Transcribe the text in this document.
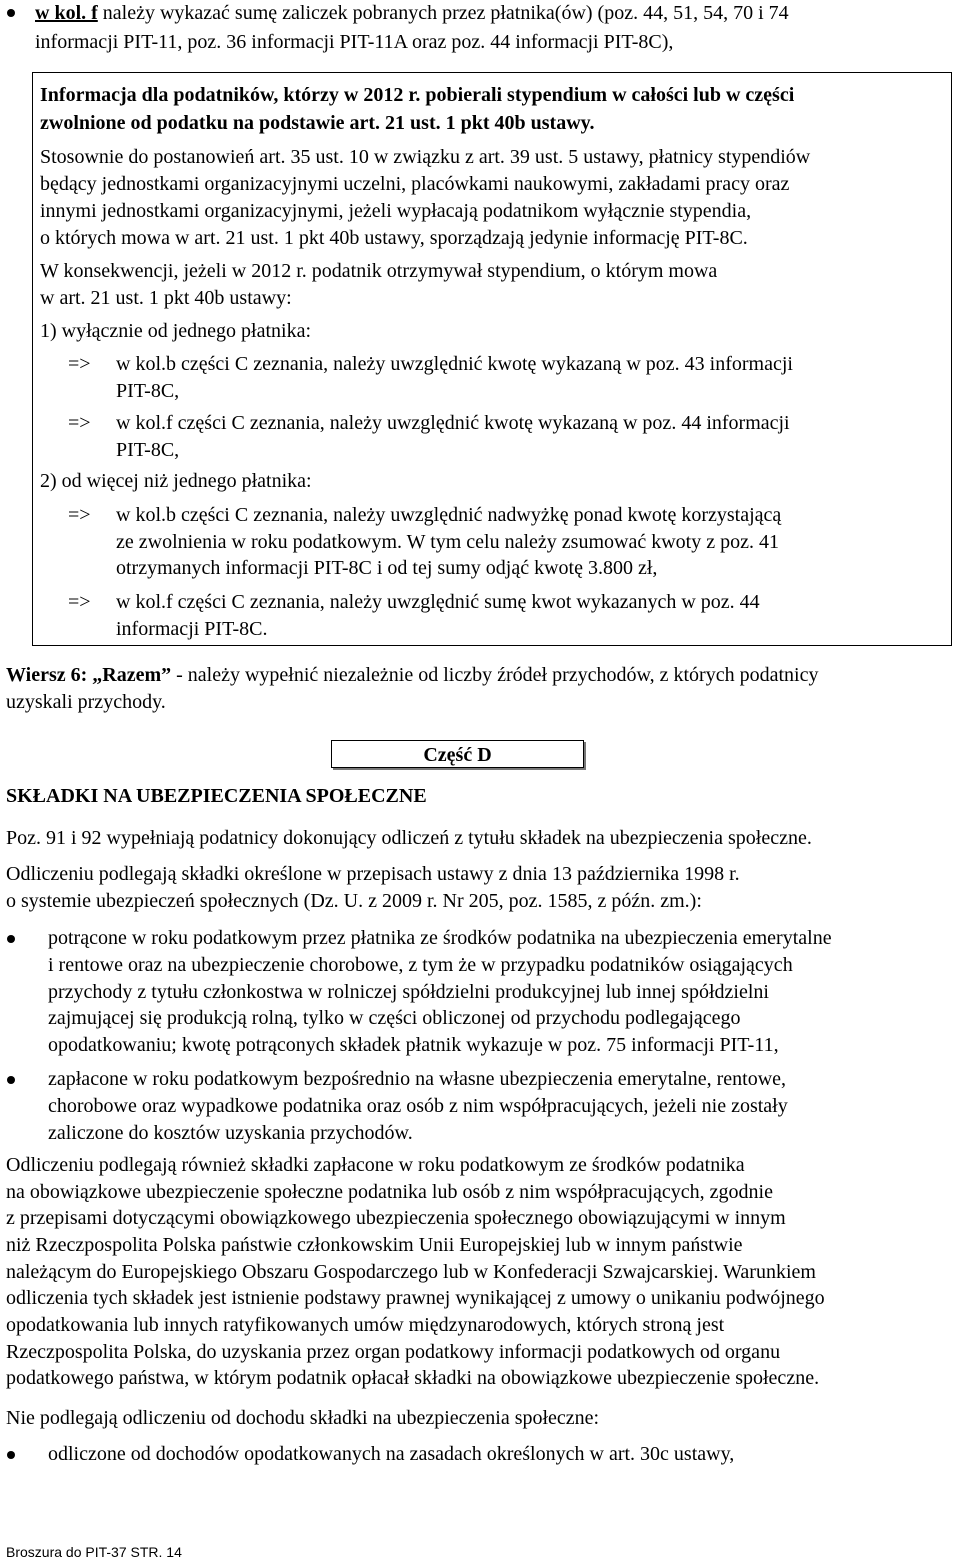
w kol. f należy wykazać sumę zaliczek pobranych przez płatnika(ów) (poz. 44, 51, 54, 70 i 74
informacji PIT-11, poz. 36 informacji PIT-11A oraz poz. 44 informacji PIT-8C),
Informacja dla podatników, którzy w 2012 r. pobierali stypendium w całości lub w części
zwolnione od podatku na podstawie art. 21 ust. 1 pkt 40b ustawy.
Stosownie do postanowień art. 35 ust. 10 w związku z art. 39 ust. 5 ustawy, płatnicy stypendiów
będący jednostkami organizacyjnymi uczelni, placówkami naukowymi, zakładami pracy oraz
innymi jednostkami organizacyjnymi, jeżeli wypłacają podatnikom wyłącznie stypendia,
o których mowa w art. 21 ust. 1 pkt 40b ustawy, sporządzają jedynie informację PIT-8C.
W konsekwencji, jeżeli w 2012 r. podatnik otrzymywał stypendium, o którym mowa
w art. 21 ust. 1 pkt 40b ustawy:
1) wyłącznie od jednego płatnika:
=> w kol.b części C zeznania, należy uwzględnić kwotę wykazaną w poz. 43 informacji
PIT-8C,
=> w kol.f części C zeznania, należy uwzględnić kwotę wykazaną w poz. 44 informacji
PIT-8C,
2) od więcej niż jednego płatnika:
=> w kol.b części C zeznania, należy uwzględnić nadwyżkę ponad kwotę korzystającą
ze zwolnienia w roku podatkowym. W tym celu należy zsumować kwoty z poz. 41
otrzymanych informacji PIT-8C i od tej sumy odjąć kwotę 3.800 zł,
=> w kol.f części C zeznania, należy uwzględnić sumę kwot wykazanych w poz. 44
informacji PIT-8C.
Wiersz 6: „Razem” - należy wypełnić niezależnie od liczby źródeł przychodów, z których podatnicy
uzyskali przychody.
Część D
SKŁADKI NA UBEZPIECZENIA SPOŁECZNE
Poz. 91 i 92 wypełniają podatnicy dokonujący odliczeń z tytułu składek na ubezpieczenia społeczne.
Odliczeniu podlegają składki określone w przepisach ustawy z dnia 13 października 1998 r.
o systemie ubezpieczeń społecznych (Dz. U. z 2009 r. Nr 205, poz. 1585, z późn. zm.):
potrącone w roku podatkowym przez płatnika ze środków podatnika na ubezpieczenia emerytalne
i rentowe oraz na ubezpieczenie chorobowe, z tym że w przypadku podatników osiągających
przychody z tytułu członkostwa w rolniczej spółdzielni produkcyjnej lub innej spółdzielni
zajmującej się produkcją rolną, tylko w części obliczonej od przychodu podlegającego
opodatkowaniu; kwotę potrąconych składek płatnik wykazuje w poz. 75 informacji PIT-11,
zapłacone w roku podatkowym bezpośrednio na własne ubezpieczenia emerytalne, rentowe,
chorobowe oraz wypadkowe podatnika oraz osób z nim współpracujących, jeżeli nie zostały
zaliczone do kosztów uzyskania przychodów.
Odliczeniu podlegają również składki zapłacone w roku podatkowym ze środków podatnika
na obowiązkowe ubezpieczenie społeczne podatnika lub osób z nim współpracujących, zgodnie
z przepisami dotyczącymi obowiązkowego ubezpieczenia społecznego obowiązującymi w innym
niż Rzeczpospolita Polska państwie członkowskim Unii Europejskiej lub w innym państwie
należącym do Europejskiego Obszaru Gospodarczego lub w Konfederacji Szwajcarskiej. Warunkiem
odliczenia tych składek jest istnienie podstawy prawnej wynikającej z umowy o unikaniu podwójnego
opodatkowania lub innych ratyfikowanych umów międzynarodowych, których stroną jest
Rzeczpospolita Polska, do uzyskania przez organ podatkowy informacji podatkowych od organu
podatkowego państwa, w którym podatnik opłacał składki na obowiązkowe ubezpieczenie społeczne.
Nie podlegają odliczeniu od dochodu składki na ubezpieczenia społeczne:
odliczone od dochodów opodatkowanych na zasadach określonych w art. 30c ustawy,
Broszura do PIT-37 STR. 14
